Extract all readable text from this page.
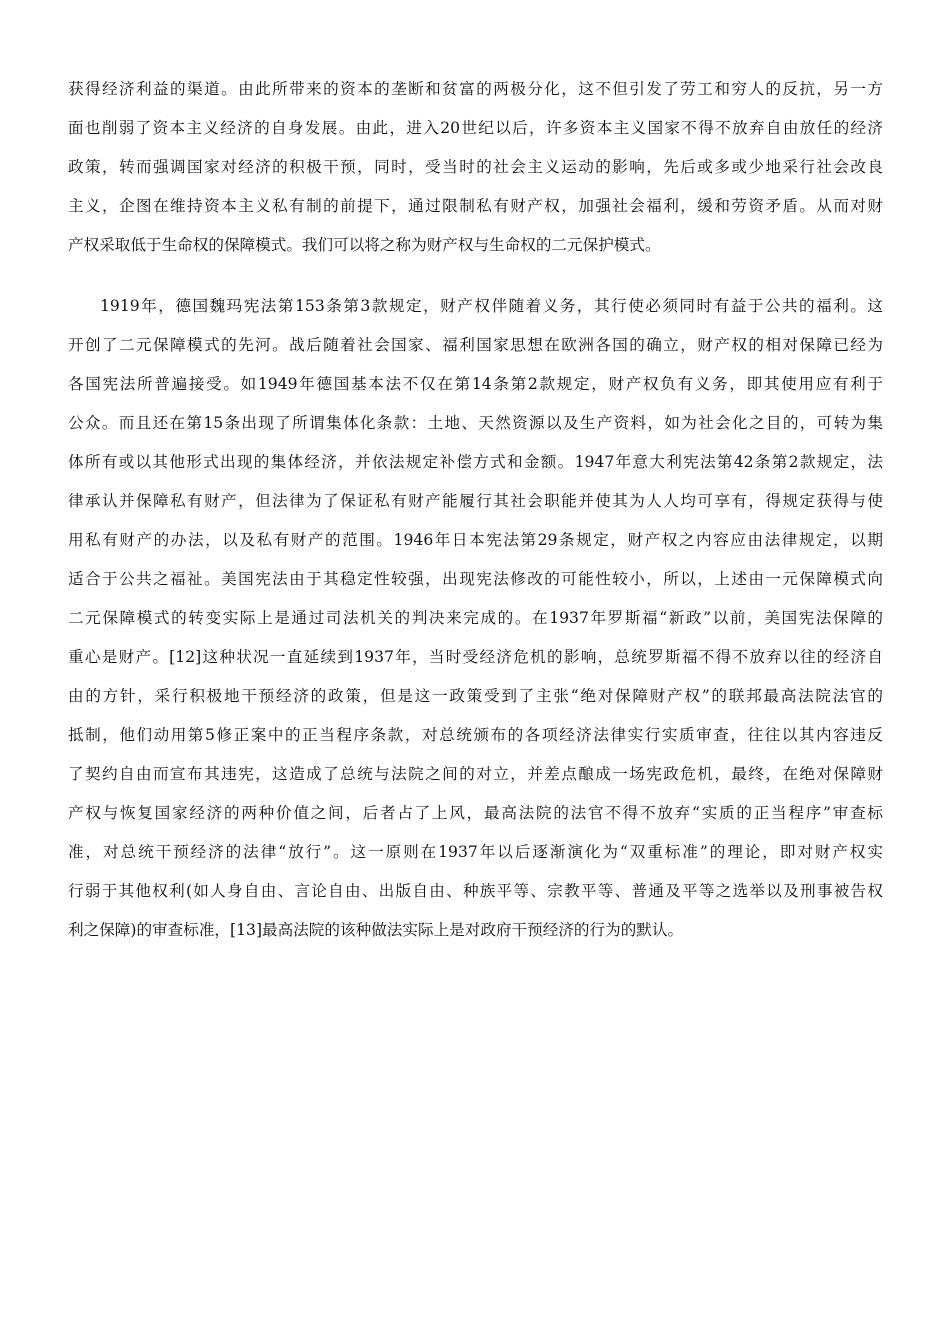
获得经济利益的渠道。由此所带来的资本的垄断和贫富的两极分化，这不但引发了劳工和穷人的反抗，另一方
面也削弱了资本主义经济的自身发展。由此，进入20世纪以后，许多资本主义国家不得不放弃自由放任的经济
政策，转而强调国家对经济的积极干预，同时，受当时的社会主义运动的影响，先后或多或少地采行社会改良
主义，企图在维持资本主义私有制的前提下，通过限制私有财产权，加强社会福利，缓和劳资矛盾。从而对财
产权采取低于生命权的保障模式。我们可以将之称为财产权与生命权的二元保护模式。
1919年，德国魏玛宪法第153条第3款规定，财产权伴随着义务，其行使必须同时有益于公共的福利。这
开创了二元保障模式的先河。战后随着社会国家、福利国家思想在欧洲各国的确立，财产权的相对保障已经为
各国宪法所普遍接受。如1949年德国基本法不仅在第14条第2款规定，财产权负有义务，即其使用应有利于
公众。而且还在第15条出现了所谓集体化条款：土地、天然资源以及生产资料，如为社会化之目的，可转为集
体所有或以其他形式出现的集体经济，并依法规定补偿方式和金额。1947年意大利宪法第42条第2款规定，法
律承认并保障私有财产，但法律为了保证私有财产能履行其社会职能并使其为人人均可享有，得规定获得与使
用私有财产的办法，以及私有财产的范围。1946年日本宪法第29条规定，财产权之内容应由法律规定，以期
适合于公共之福祉。美国宪法由于其稳定性较强，出现宪法修改的可能性较小，所以，上述由一元保障模式向
二元保障模式的转变实际上是通过司法机关的判决来完成的。在1937年罗斯福“新政”以前，美国宪法保障的
重心是财产。[12]这种状况一直延续到1937年，当时受经济危机的影响，总统罗斯福不得不放弃以往的经济自
由的方针，采行积极地干预经济的政策，但是这一政策受到了主张“绝对保障财产权”的联邦最高法院法官的
抵制，他们动用第5修正案中的正当程序条款，对总统颁布的各项经济法律实行实质审查，往往以其内容违反
了契约自由而宣布其违宪，这造成了总统与法院之间的对立，并差点酿成一场宪政危机，最终，在绝对保障财
产权与恢复国家经济的两种价值之间，后者占了上风，最高法院的法官不得不放弃“实质的正当程序”审查标
准，对总统干预经济的法律“放行”。这一原则在1937年以后逐渐演化为“双重标准”的理论，即对财产权实
行弱于其他权利(如人身自由、言论自由、出版自由、种族平等、宗教平等、普通及平等之选举以及刑事被告权
利之保障)的审查标准，[13]最高法院的该种做法实际上是对政府干预经济的行为的默认。
